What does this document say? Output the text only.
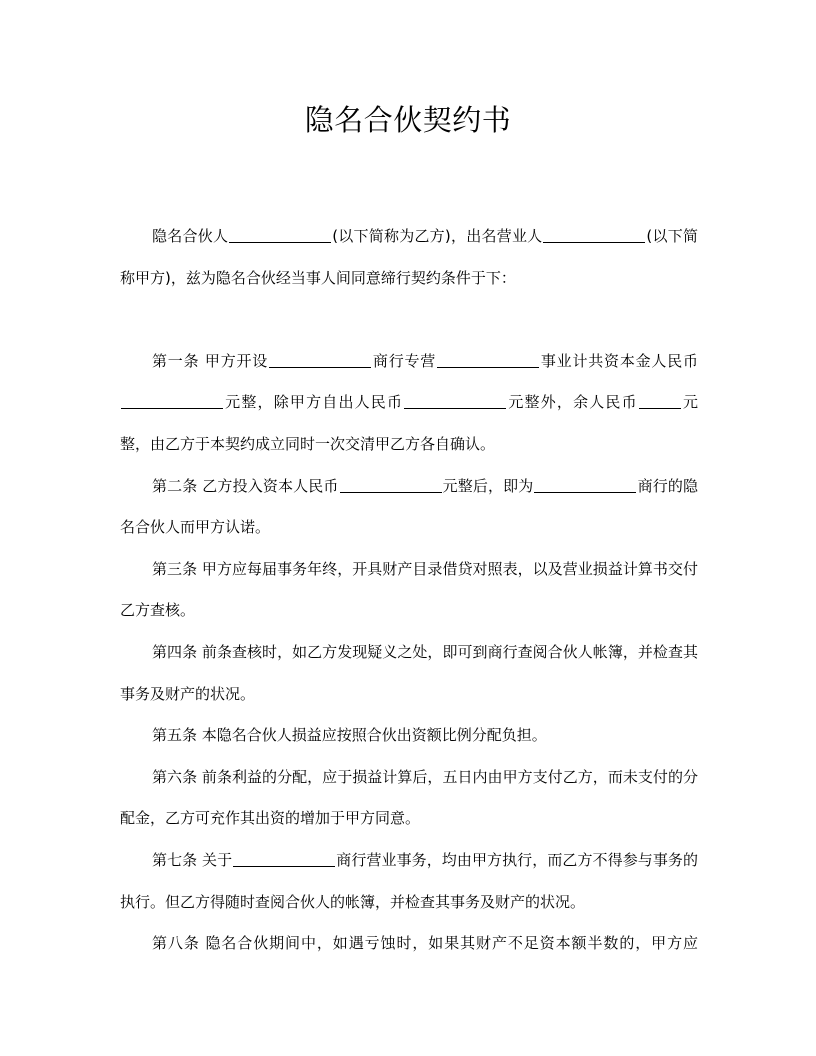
隐名合伙契约书

隐名合伙人	(以下简称为乙方)，出名营业人	(以下简称甲方)，兹为隐名合伙经当事人间同意缔行契约条件于下：

第一条 甲方开设	商行专营	事业计共资本金人民币元整，除甲方自出人民币	元整外，余人民币	元整，由乙方于本契约成立同时一次交清甲乙方各自确认。

第二条 乙方投入资本人民币	元整后，即为	商行的隐名合伙人而甲方认诺。

第三条 甲方应每届事务年终，开具财产目录借贷对照表，以及营业损益计算书交付乙方查核。

第四条 前条查核时，如乙方发现疑义之处，即可到商行查阅合伙人帐簿，并检查其事务及财产的状况。

第五条 本隐名合伙人损益应按照合伙出资额比例分配负担。

第六条 前条利益的分配，应于损益计算后，五日内由甲方支付乙方，而未支付的分配金，乙方可充作其出资的增加于甲方同意。

第七条 关于	商行营业事务，均由甲方执行，而乙方不得参与事务的执行。但乙方得随时查阅合伙人的帐簿，并检查其事务及财产的状况。

第八条 隐名合伙期间中，如遇亏蚀时，如果其财产不足资本额半数的，甲方应
